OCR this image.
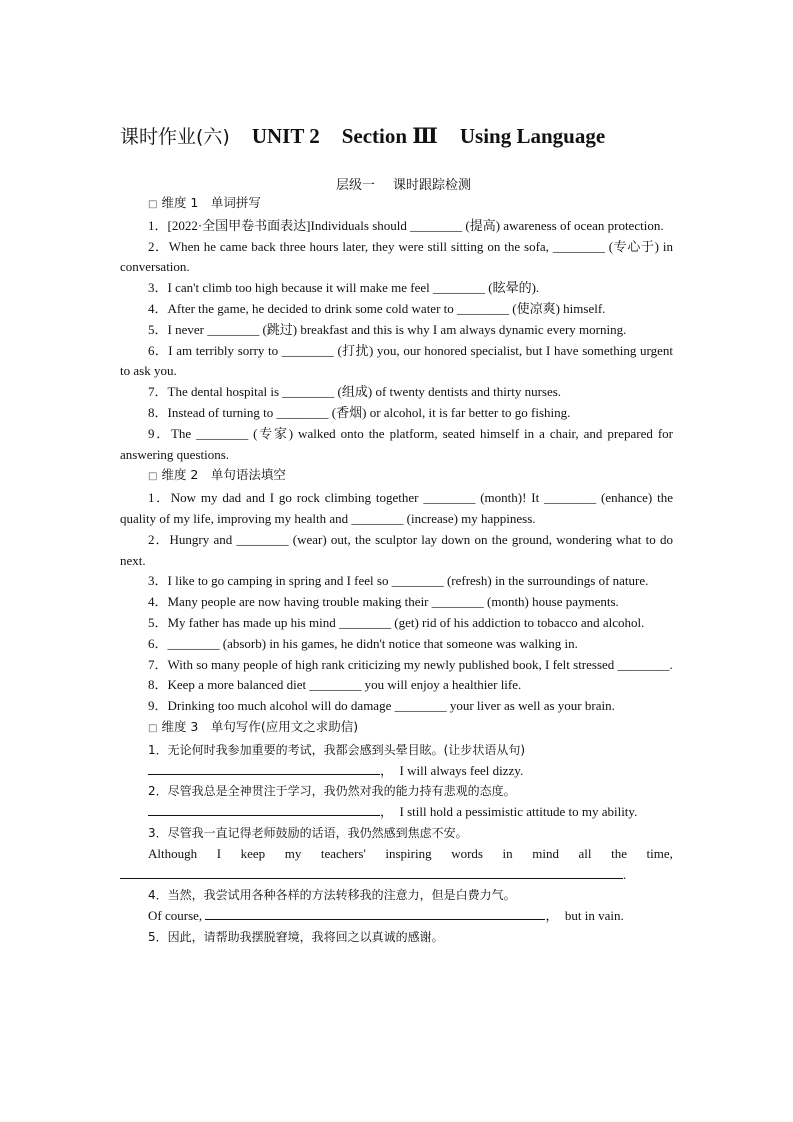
课时作业(六) UNIT 2 Section Ⅲ Using Language
层级一 课时跟踪检测

□ 维度 1　单词拼写

1．[2022·全国甲卷书面表达]Individuals should ________ (提高) awareness of ocean protection.

2．When he came back three hours later, they were still sitting on the sofa, ________ (专心于) in conversation.

3．I can't climb too high because it will make me feel ________ (眩晕的).

4．After the game, he decided to drink some cold water to ________ (使凉爽) himself.

5．I never ________ (跳过) breakfast and this is why I am always dynamic every morning.

6．I am terribly sorry to ________ (打扰) you, our honored specialist, but I have something urgent to ask you.

7．The dental hospital is ________ (组成) of twenty dentists and thirty nurses.

8．Instead of turning to ________ (香烟) or alcohol, it is far better to go fishing.

9．The ________ (专家) walked onto the platform, seated himself in a chair, and prepared for answering questions.

□ 维度 2　单句语法填空

1．Now my dad and I go rock climbing together ________ (month)! It ________ (enhance) the quality of my life, improving my health and ________ (increase) my happiness.

2．Hungry and ________ (wear) out, the sculptor lay down on the ground, wondering what to do next.

3．I like to go camping in spring and I feel so ________ (refresh) in the surroundings of nature.

4．Many people are now having trouble making their ________ (month) house payments.

5．My father has made up his mind ________ (get) rid of his addiction to tobacco and alcohol.

6．________ (absorb) in his games, he didn't notice that someone was walking in.

7．With so many people of high rank criticizing my newly published book, I felt stressed ________.

8．Keep a more balanced diet ________ you will enjoy a healthier life.

9．Drinking too much alcohol will do damage ________ your liver as well as your brain.

□ 维度 3　单句写作(应用文之求助信)

1．无论何时我参加重要的考试，我都会感到头晕目眩。(让步状语从句)

，　I will always feel dizzy.

2．尽管我总是全神贯注于学习，我仍然对我的能力持有悲观的态度。

，　I still hold a pessimistic attitude to my ability.

3．尽管我一直记得老师鼓励的话语，我仍然感到焦虑不安。

Although I keep my teachers' inspiring words in mind all the time,

.

4．当然，我尝试用各种各样的方法转移我的注意力，但是白费力气。

Of course,	，　but in vain.

5．因此，请帮助我摆脱窘境，我将回之以真诚的感谢。
